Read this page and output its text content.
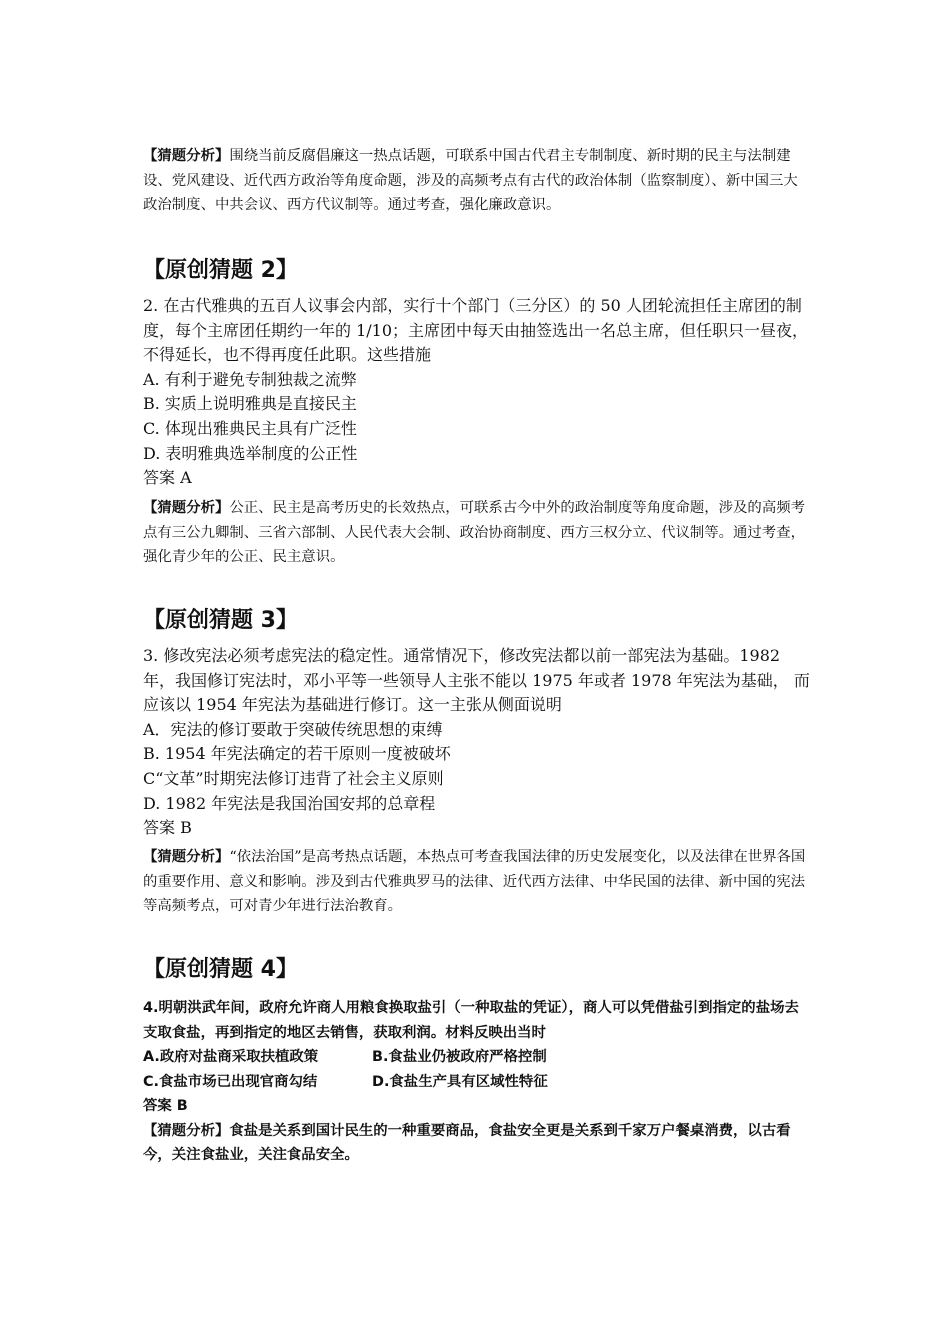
【猜题分析】围绕当前反腐倡廉这一热点话题，可联系中国古代君主专制制度、新时期的民主与法制建设、党风建设、近代西方政治等角度命题，涉及的高频考点有古代的政治体制（监察制度）、新中国三大政治制度、中共会议、西方代议制等。通过考查，强化廉政意识。

【原创猜题 2】

2. 在古代雅典的五百人议事会内部，实行十个部门（三分区）的 50 人团轮流担任主席团的制度，每个主席团任期约一年的 1/10；主席团中每天由抽签选出一名总主席，但任职只一昼夜，不得延长，也不得再度任此职。这些措施

A. 有利于避免专制独裁之流弊

B. 实质上说明雅典是直接民主

C. 体现出雅典民主具有广泛性

D. 表明雅典选举制度的公正性

答案 A

【猜题分析】公正、民主是高考历史的长效热点，可联系古今中外的政治制度等角度命题，涉及的高频考点有三公九卿制、三省六部制、人民代表大会制、政治协商制度、西方三权分立、代议制等。通过考查，强化青少年的公正、民主意识。

【原创猜题 3】

3. 修改宪法必须考虑宪法的稳定性。通常情况下，修改宪法都以前一部宪法为基础。1982 年，我国修订宪法时，邓小平等一些领导人主张不能以 1975 年或者 1978 年宪法为基础， 而应该以 1954 年宪法为基础进行修订。这一主张从侧面说明

A．宪法的修订要敢于突破传统思想的束缚

B. 1954 年宪法确定的若干原则一度被破坏

C“文革”时期宪法修订违背了社会主义原则

D. 1982 年宪法是我国治国安邦的总章程

答案 B

【猜题分析】“依法治国”是高考热点话题，本热点可考查我国法律的历史发展变化，以及法律在世界各国的重要作用、意义和影响。涉及到古代雅典罗马的法律、近代西方法律、中华民国的法律、新中国的宪法等高频考点，可对青少年进行法治教育。

【原创猜题 4】

4.明朝洪武年间，政府允许商人用粮食换取盐引（一种取盐的凭证），商人可以凭借盐引到指定的盐场去支取食盐，再到指定的地区去销售，获取利润。材料反映出当时

A.政府对盐商采取扶植政策	B.食盐业仍被政府严格控制

C.食盐市场已出现官商勾结	D.食盐生产具有区域性特征

答案 B

【猜题分析】食盐是关系到国计民生的一种重要商品，食盐安全更是关系到千家万户餐桌消费，以古看今，关注食盐业，关注食品安全。
